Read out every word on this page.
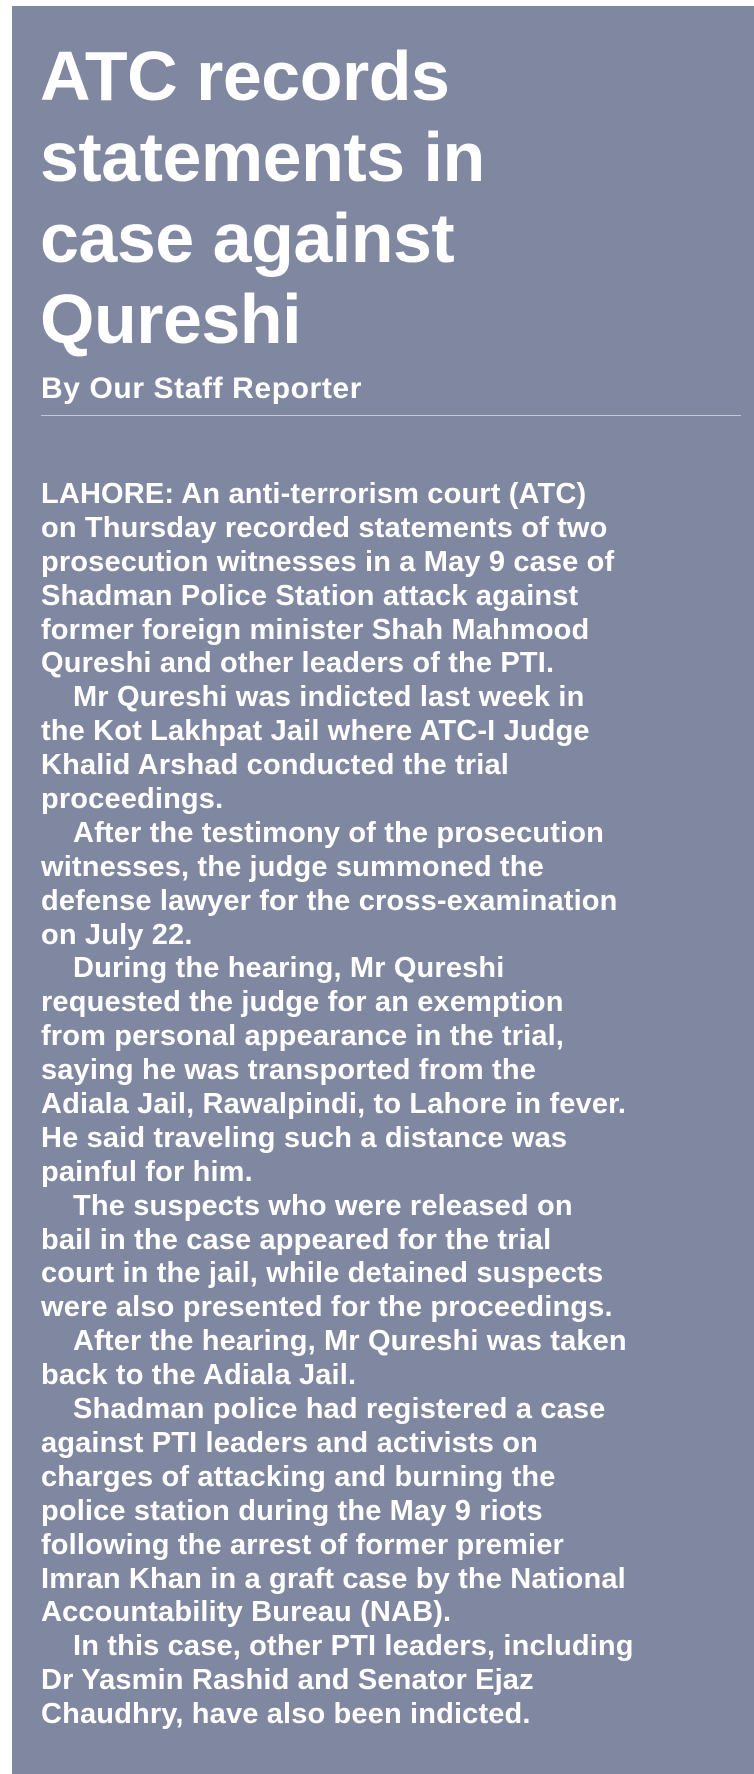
ATC records
statements in
case against
Qureshi

By Our Staff Reporter

LAHORE: An anti-terrorism court (ATC)
on Thursday recorded statements of two
prosecution witnesses in a May 9 case of
Shadman Police Station attack against
former foreign minister Shah Mahmood
Qureshi and other leaders of the PTI.
Mr Qureshi was indicted last week in
the Kot Lakhpat Jail where ATC-I Judge
Khalid Arshad conducted the trial
proceedings.
After the testimony of the prosecution
witnesses, the judge summoned the
defense lawyer for the cross-examination
on July 22.
During the hearing, Mr Qureshi
requested the judge for an exemption
from personal appearance in the trial,
saying he was transported from the
Adiala Jail, Rawalpindi, to Lahore in fever.
He said traveling such a distance was
painful for him.
The suspects who were released on
bail in the case appeared for the trial
court in the jail, while detained suspects
were also presented for the proceedings.
After the hearing, Mr Qureshi was taken
back to the Adiala Jail.
Shadman police had registered a case
against PTI leaders and activists on
charges of attacking and burning the
police station during the May 9 riots
following the arrest of former premier
Imran Khan in a graft case by the National
Accountability Bureau (NAB).
In this case, other PTI leaders, including
Dr Yasmin Rashid and Senator Ejaz
Chaudhry, have also been indicted.
